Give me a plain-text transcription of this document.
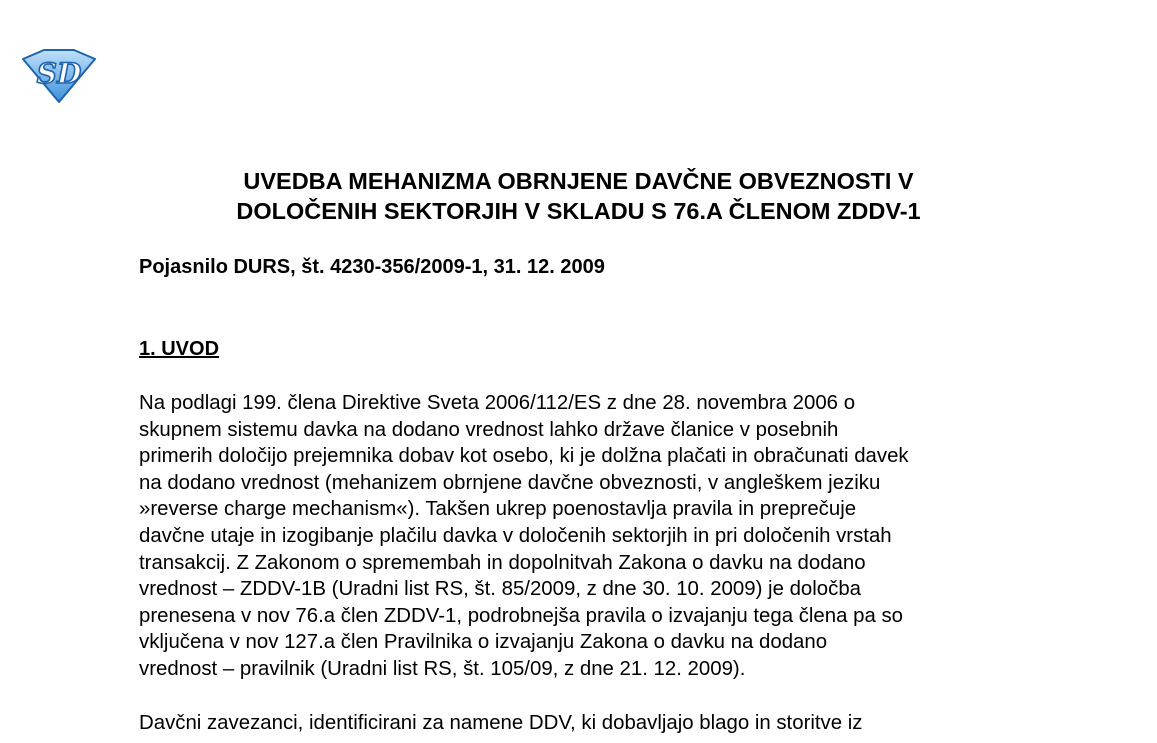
SD
UVEDBA MEHANIZMA OBRNJENE DAVČNE OBVEZNOSTI V
DOLOČENIH SEKTORJIH V SKLADU S 76.A ČLENOM ZDDV-1
Pojasnilo DURS, št. 4230-356/2009-1, 31. 12. 2009
1. UVOD
Na podlagi 199. člena Direktive Sveta 2006/112/ES z dne 28. novembra 2006 o
skupnem sistemu davka na dodano vrednost lahko države članice v posebnih
primerih določijo prejemnika dobav kot osebo, ki je dolžna plačati in obračunati davek
na dodano vrednost (mehanizem obrnjene davčne obveznosti, v angleškem jeziku
»reverse charge mechanism«). Takšen ukrep poenostavlja pravila in preprečuje
davčne utaje in izogibanje plačilu davka v določenih sektorjih in pri določenih vrstah
transakcij. Z Zakonom o spremembah in dopolnitvah Zakona o davku na dodano
vrednost – ZDDV-1B (Uradni list RS, št. 85/2009, z dne 30. 10. 2009) je določba
prenesena v nov 76.a člen ZDDV-1, podrobnejša pravila o izvajanju tega člena pa so
vključena v nov 127.a člen Pravilnika o izvajanju Zakona o davku na dodano
vrednost – pravilnik (Uradni list RS, št. 105/09, z dne 21. 12. 2009).
Davčni zavezanci, identificirani za namene DDV, ki dobavljajo blago in storitve iz
